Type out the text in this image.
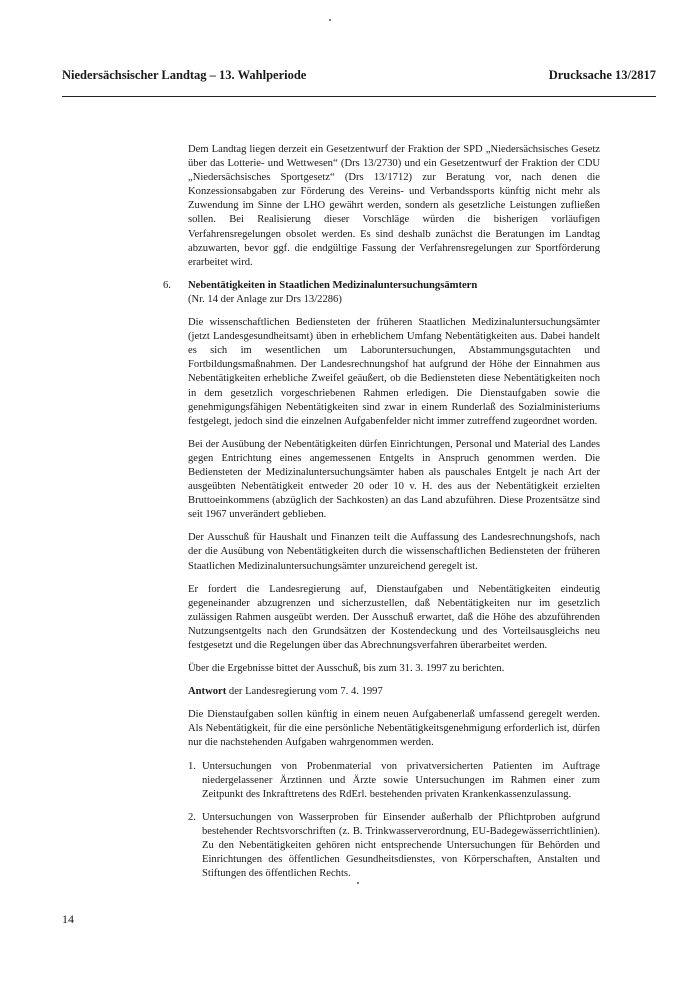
Niedersächsischer Landtag – 13. Wahlperiode	Drucksache 13/2817

Dem Landtag liegen derzeit ein Gesetzentwurf der Fraktion der SPD „Niedersächsisches Gesetz über das Lotterie- und Wettwesen“ (Drs 13/2730) und ein Gesetzentwurf der Fraktion der CDU „Niedersächsisches Sportgesetz“ (Drs 13/1712) zur Beratung vor, nach denen die Konzessionsabgaben zur Förderung des Vereins- und Verbandssports künftig nicht mehr als Zuwendung im Sinne der LHO gewährt werden, sondern als gesetzliche Leistungen zufließen sollen. Bei Realisierung dieser Vorschläge würden die bisherigen vorläufigen Verfahrensregelungen obsolet werden. Es sind deshalb zunächst die Beratungen im Landtag abzuwarten, bevor ggf. die endgültige Fassung der Verfahrensregelungen zur Sportförderung erarbeitet wird.

6. Nebentätigkeiten in Staatlichen Medizinaluntersuchungsämtern
(Nr. 14 der Anlage zur Drs 13/2286)

Die wissenschaftlichen Bediensteten der früheren Staatlichen Medizinaluntersuchungsämter (jetzt Landesgesundheitsamt) üben in erheblichem Umfang Nebentätigkeiten aus. Dabei handelt es sich im wesentlichen um Laboruntersuchungen, Abstammungsgutachten und Fortbildungsmaßnahmen. Der Landesrechnungshof hat aufgrund der Höhe der Einnahmen aus Nebentätigkeiten erhebliche Zweifel geäußert, ob die Bediensteten diese Nebentätigkeiten noch in dem gesetzlich vorgeschriebenen Rahmen erledigen. Die Dienstaufgaben sowie die genehmigungsfähigen Nebentätigkeiten sind zwar in einem Runderlaß des Sozialministeriums festgelegt, jedoch sind die einzelnen Aufgabenfelder nicht immer zutreffend zugeordnet worden.

Bei der Ausübung der Nebentätigkeiten dürfen Einrichtungen, Personal und Material des Landes gegen Entrichtung eines angemessenen Entgelts in Anspruch genommen werden. Die Bediensteten der Medizinaluntersuchungsämter haben als pauschales Entgelt je nach Art der ausgeübten Nebentätigkeit entweder 20 oder 10 v. H. des aus der Nebentätigkeit erzielten Bruttoeinkommens (abzüglich der Sachkosten) an das Land abzuführen. Diese Prozentsätze sind seit 1967 unverändert geblieben.

Der Ausschuß für Haushalt und Finanzen teilt die Auffassung des Landesrechnungshofs, nach der die Ausübung von Nebentätigkeiten durch die wissenschaftlichen Bediensteten der früheren Staatlichen Medizinaluntersuchungsämter unzureichend geregelt ist.

Er fordert die Landesregierung auf, Dienstaufgaben und Nebentätigkeiten eindeutig gegeneinander abzugrenzen und sicherzustellen, daß Nebentätigkeiten nur im gesetzlich zulässigen Rahmen ausgeübt werden. Der Ausschuß erwartet, daß die Höhe des abzuführenden Nutzungsentgelts nach den Grundsätzen der Kostendeckung und des Vorteilsausgleichs neu festgesetzt und die Regelungen über das Abrechnungsverfahren überarbeitet werden.

Über die Ergebnisse bittet der Ausschuß, bis zum 31. 3. 1997 zu berichten.

Antwort der Landesregierung vom 7. 4. 1997

Die Dienstaufgaben sollen künftig in einem neuen Aufgabenerlaß umfassend geregelt werden. Als Nebentätigkeit, für die eine persönliche Nebentätigkeitsgenehmigung erforderlich ist, dürfen nur die nachstehenden Aufgaben wahrgenommen werden.

1. Untersuchungen von Probenmaterial von privatversicherten Patienten im Auftrage niedergelassener Ärztinnen und Ärzte sowie Untersuchungen im Rahmen einer zum Zeitpunkt des Inkrafttretens des RdErl. bestehenden privaten Krankenkassenzulassung.
2. Untersuchungen von Wasserproben für Einsender außerhalb der Pflichtproben aufgrund bestehender Rechtsvorschriften (z. B. Trinkwasserverordnung, EU-Badegewässerrichtlinien). Zu den Nebentätigkeiten gehören nicht entsprechende Untersuchungen für Behörden und Einrichtungen des öffentlichen Gesundheitsdienstes, von Körperschaften, Anstalten und Stiftungen des öffentlichen Rechts.
14
